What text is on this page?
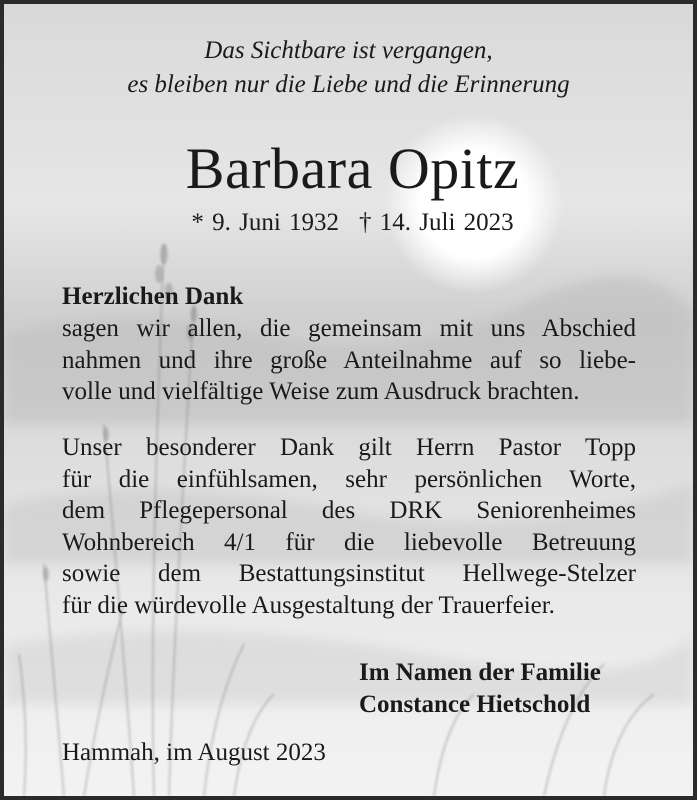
Das Sichtbare ist vergangen,
es bleiben nur die Liebe und die Erinnerung
Barbara Opitz
* 9. Juni 1932 † 14. Juli 2023
Herzlichen Dank
sagen wir allen, die gemeinsam mit uns Abschied
nahmen und ihre große Anteilnahme auf so liebe-
volle und vielfältige Weise zum Ausdruck brachten.
Unser besonderer Dank gilt Herrn Pastor Topp
für die einfühlsamen, sehr persönlichen Worte,
dem Pflegepersonal des DRK Seniorenheimes
Wohnbereich 4/1 für die liebevolle Betreuung
sowie dem Bestattungsinstitut Hellwege-Stelzer
für die würdevolle Ausgestaltung der Trauerfeier.
Im Namen der Familie
Constance Hietschold
Hammah, im August 2023
